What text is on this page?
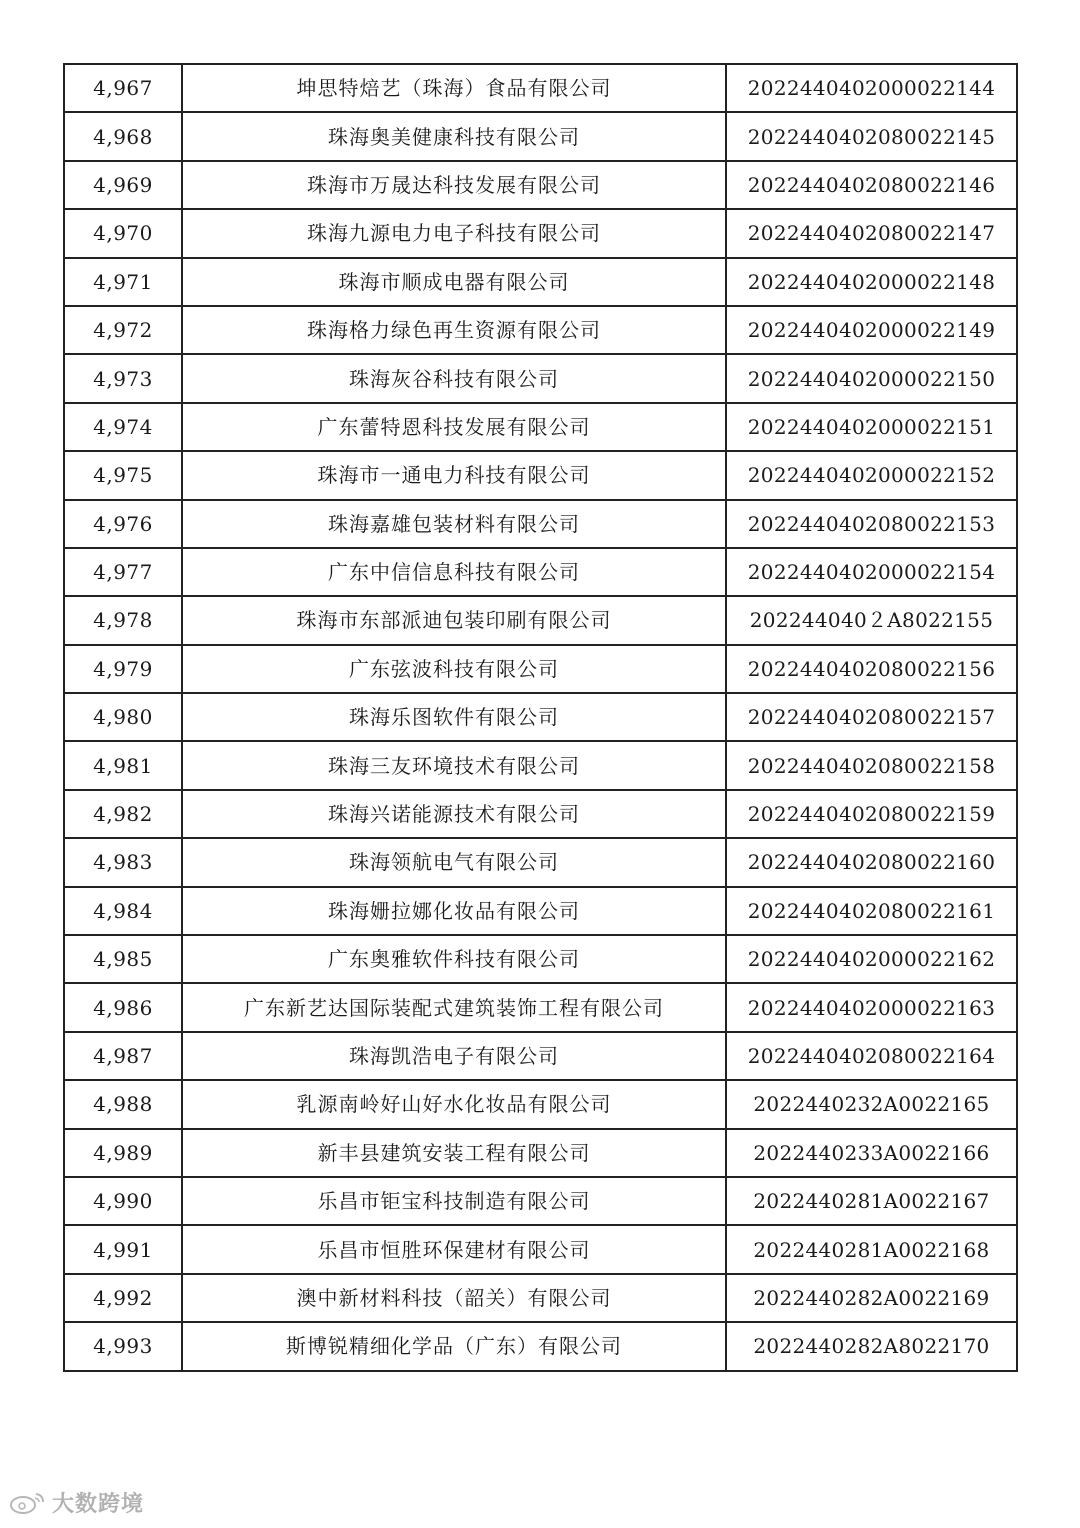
4,967	坤思特焙艺（珠海）食品有限公司	2022440402000022144
4,968	珠海奥美健康科技有限公司	2022440402080022145
4,969	珠海市万晟达科技发展有限公司	2022440402080022146
4,970	珠海九源电力电子科技有限公司	2022440402080022147
4,971	珠海市顺成电器有限公司	2022440402000022148
4,972	珠海格力绿色再生资源有限公司	2022440402000022149
4,973	珠海灰谷科技有限公司	2022440402000022150
4,974	广东蕾特恩科技发展有限公司	2022440402000022151
4,975	珠海市一通电力科技有限公司	2022440402000022152
4,976	珠海嘉雄包装材料有限公司	2022440402080022153
4,977	广东中信信息科技有限公司	2022440402000022154
4,978	珠海市东部派迪包装印刷有限公司	202244040２A8022155
4,979	广东弦波科技有限公司	2022440402080022156
4,980	珠海乐图软件有限公司	2022440402080022157
4,981	珠海三友环境技术有限公司	2022440402080022158
4,982	珠海兴诺能源技术有限公司	2022440402080022159
4,983	珠海领航电气有限公司	2022440402080022160
4,984	珠海姗拉娜化妆品有限公司	2022440402080022161
4,985	广东奥雅软件科技有限公司	2022440402000022162
4,986	广东新艺达国际装配式建筑装饰工程有限公司	2022440402000022163
4,987	珠海凯浩电子有限公司	2022440402080022164
4,988	乳源南岭好山好水化妆品有限公司	2022440232A0022165
4,989	新丰县建筑安装工程有限公司	2022440233A0022166
4,990	乐昌市钜宝科技制造有限公司	2022440281A0022167
4,991	乐昌市恒胜环保建材有限公司	2022440281A0022168
4,992	澳中新材料科技（韶关）有限公司	2022440282A0022169
4,993	斯博锐精细化学品（广东）有限公司	2022440282A8022170
大数跨境
